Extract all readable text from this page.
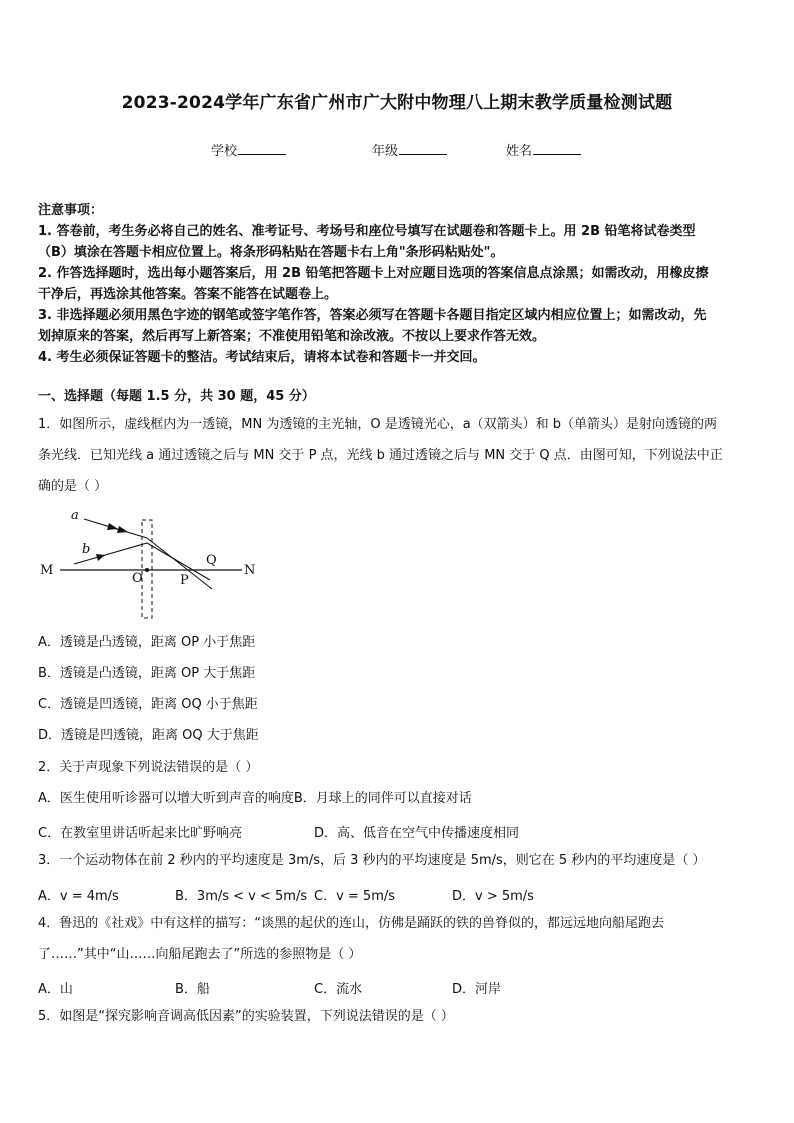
2023-2024学年广东省广州市广大附中物理八上期末教学质量检测试题
学校	年级	姓名
注意事项：
1. 答卷前，考生务必将自己的姓名、准考证号、考场号和座位号填写在试题卷和答题卡上。用 2B 铅笔将试卷类型
（B）填涂在答题卡相应位置上。将条形码粘贴在答题卡右上角"条形码粘贴处"。
2. 作答选择题时，选出每小题答案后，用 2B 铅笔把答题卡上对应题目选项的答案信息点涂黑；如需改动，用橡皮擦
干净后，再选涂其他答案。答案不能答在试题卷上。
3. 非选择题必须用黑色字迹的钢笔或签字笔作答，答案必须写在答题卡各题目指定区域内相应位置上；如需改动，先
划掉原来的答案，然后再写上新答案；不准使用铅笔和涂改液。不按以上要求作答无效。
4. 考生必须保证答题卡的整洁。考试结束后，请将本试卷和答题卡一并交回。
一、选择题（每题 1.5 分，共 30 题，45 分）
1．如图所示，虚线框内为一透镜，MN 为透镜的主光轴，O 是透镜光心，a（双箭头）和 b（单箭头）是射向透镜的两
条光线．已知光线 a 通过透镜之后与 MN 交于 P 点，光线 b 通过透镜之后与 MN 交于 Q 点．由图可知，下列说法中正
确的是（ ）
a
b
M
O	P
Q
N
A．透镜是凸透镜，距离 OP 小于焦距
B．透镜是凸透镜，距离 OP 大于焦距
C．透镜是凹透镜，距离 OQ 小于焦距
D．透镜是凹透镜，距离 OQ 大于焦距
2．关于声现象下列说法错误的是（ ）
A．医生使用听诊器可以增大听到声音的响度B．月球上的同伴可以直接对话
C．在教室里讲话听起来比旷野响亮	D．高、低音在空气中传播速度相同
3．一个运动物体在前 2 秒内的平均速度是 3m/s，后 3 秒内的平均速度是 5m/s，则它在 5 秒内的平均速度是（ ）
A．v = 4m/s	B．3m/s < v < 5m/s C．v = 5m/s	D．v > 5m/s
4．鲁迅的《社戏》中有这样的描写：“谈黑的起伏的连山，仿佛是踊跃的铁的兽脊似的，都远远地向船尾跑去
了……”其中“山……向船尾跑去了”所选的参照物是（ ）
A．山	B．船	C．流水	D．河岸
5．如图是“探究影响音调高低因素”的实验装置，下列说法错误的是（ ）
